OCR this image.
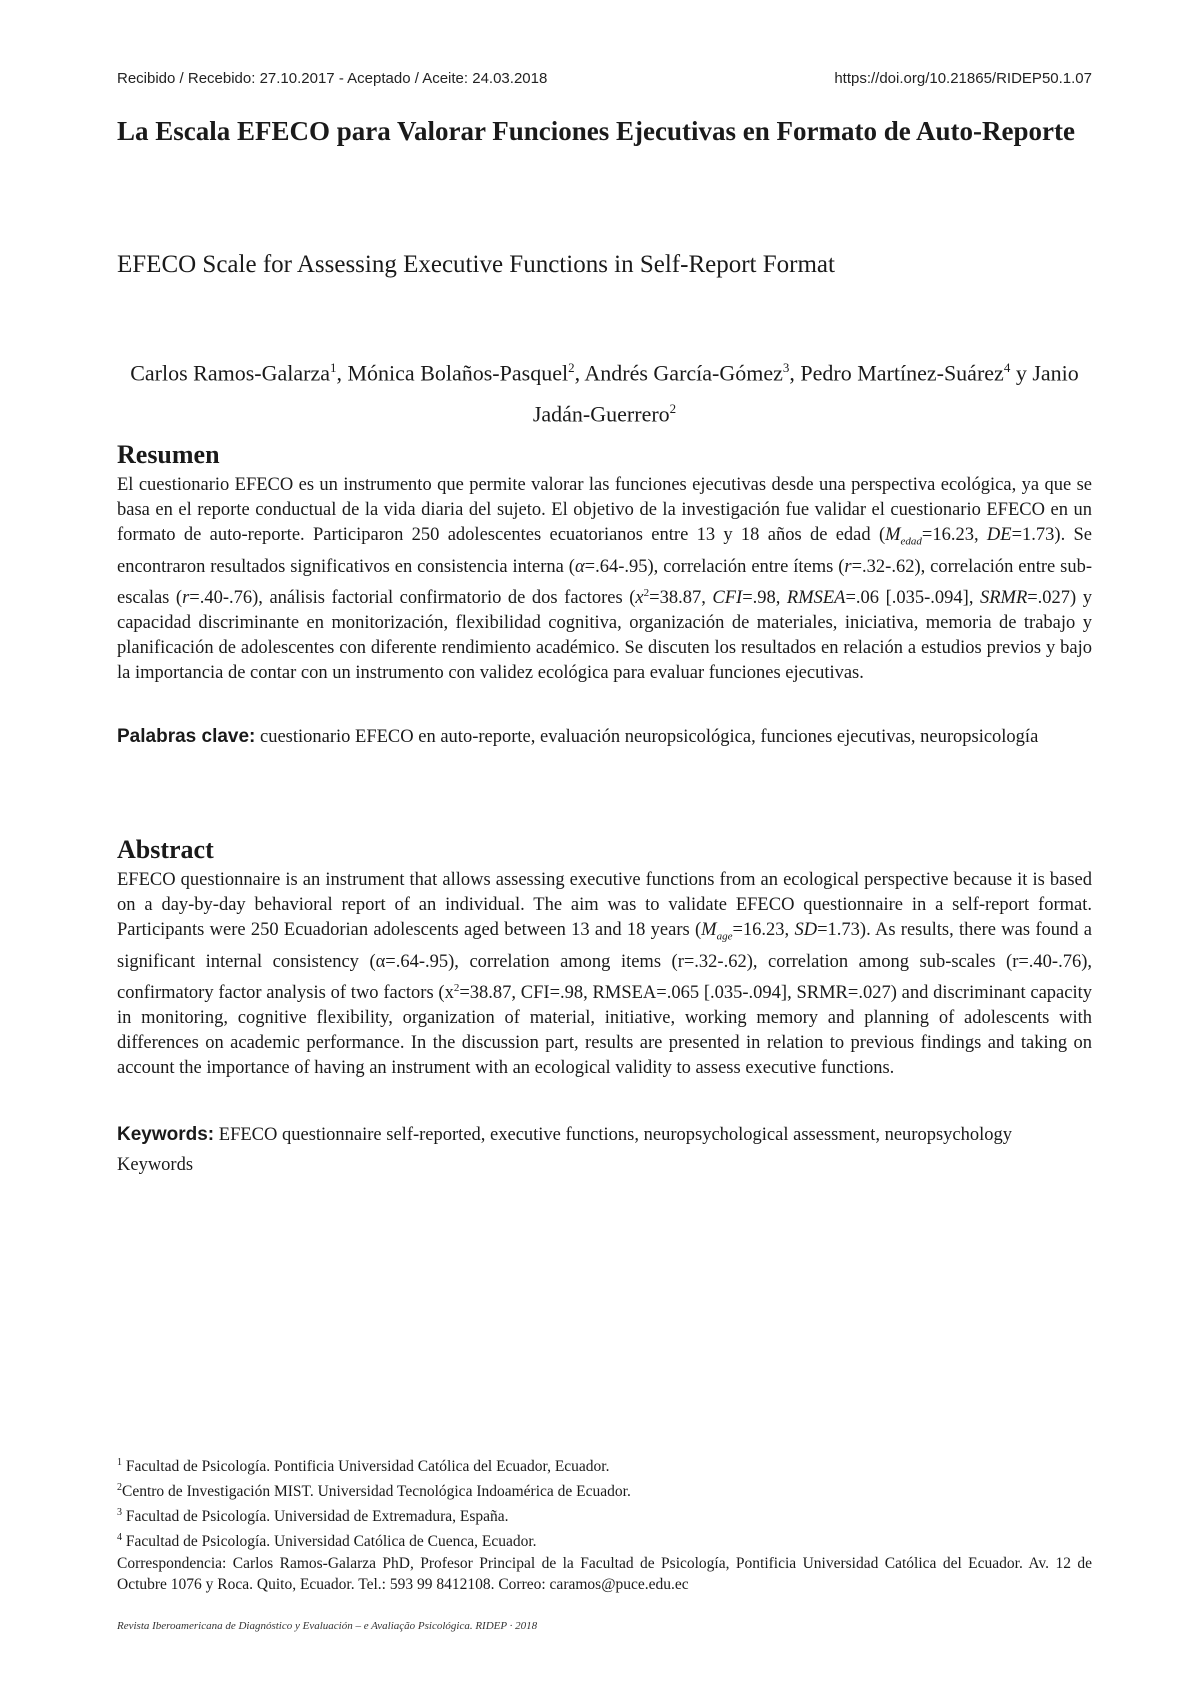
Recibido / Recebido: 27.10.2017 - Aceptado / Aceite: 24.03.2018	https://doi.org/10.21865/RIDEP50.1.07
La Escala EFECO para Valorar Funciones Ejecutivas en Formato de Auto-Reporte
EFECO Scale for Assessing Executive Functions in Self-Report Format
Carlos Ramos-Galarza$^1$, Mónica Bolaños-Pasquel$^2$, Andrés García-Gómez$^3$, Pedro Martínez-Suárez$^4$ y Janio Jadán-Guerrero$^2$
Resumen
El cuestionario EFECO es un instrumento que permite valorar las funciones ejecutivas desde una perspectiva ecológica, ya que se basa en el reporte conductual de la vida diaria del sujeto. El objetivo de la investigación fue validar el cuestionario EFECO en un formato de auto-reporte. Participaron 250 adolescentes ecuatorianos entre 13 y 18 años de edad ($M_{edad}=16.23$, DE=1.73). Se encontraron resultados significativos en consistencia interna (α=.64-.95), correlación entre ítems (r=.32-.62), correlación entre sub-escalas (r=.40-.76), análisis factorial confirmatorio de dos factores ($x^2=38.87$, CFI=.98, RMSEA=.06 [.035-.094], SRMR=.027) y capacidad discriminante en monitorización, flexibilidad cognitiva, organización de materiales, iniciativa, memoria de trabajo y planificación de adolescentes con diferente rendimiento académico. Se discuten los resultados en relación a estudios previos y bajo la importancia de contar con un instrumento con validez ecológica para evaluar funciones ejecutivas.
Palabras clave: cuestionario EFECO en auto-reporte, evaluación neuropsicológica, funciones ejecutivas, neuropsicología
Abstract
EFECO questionnaire is an instrument that allows assessing executive functions from an ecological perspective because it is based on a day-by-day behavioral report of an individual. The aim was to validate EFECO questionnaire in a self-report format. Participants were 250 Ecuadorian adolescents aged between 13 and 18 years ($M_{age}=16.23$, SD=1.73). As results, there was found a significant internal consistency (α=.64-.95), correlation among items (r=.32-.62), correlation among sub-scales (r=.40-.76), confirmatory factor analysis of two factors ($x^2=38.87$, CFI=.98, RMSEA=.065 [.035-.094], SRMR=.027) and discriminant capacity in monitoring, cognitive flexibility, organization of material, initiative, working memory and planning of adolescents with differences on academic performance. In the discussion part, results are presented in relation to previous findings and taking on account the importance of having an instrument with an ecological validity to assess executive functions.
Keywords: EFECO questionnaire self-reported, executive functions, neuropsychological assessment, neuropsychology Keywords
$^1$ Facultad de Psicología. Pontificia Universidad Católica del Ecuador, Ecuador.
$^2$Centro de Investigación MIST. Universidad Tecnológica Indoamérica de Ecuador.
$^3$ Facultad de Psicología. Universidad de Extremadura, España.
$^4$ Facultad de Psicología. Universidad Católica de Cuenca, Ecuador.
Correspondencia: Carlos Ramos-Galarza PhD, Profesor Principal de la Facultad de Psicología, Pontificia Universidad Católica del Ecuador. Av. 12 de Octubre 1076 y Roca. Quito, Ecuador. Tel.: 593 99 8412108. Correo: caramos@puce.edu.ec
Revista Iberoamericana de Diagnóstico y Evaluación – e Avaliação Psicológica. RIDEP · 2018
